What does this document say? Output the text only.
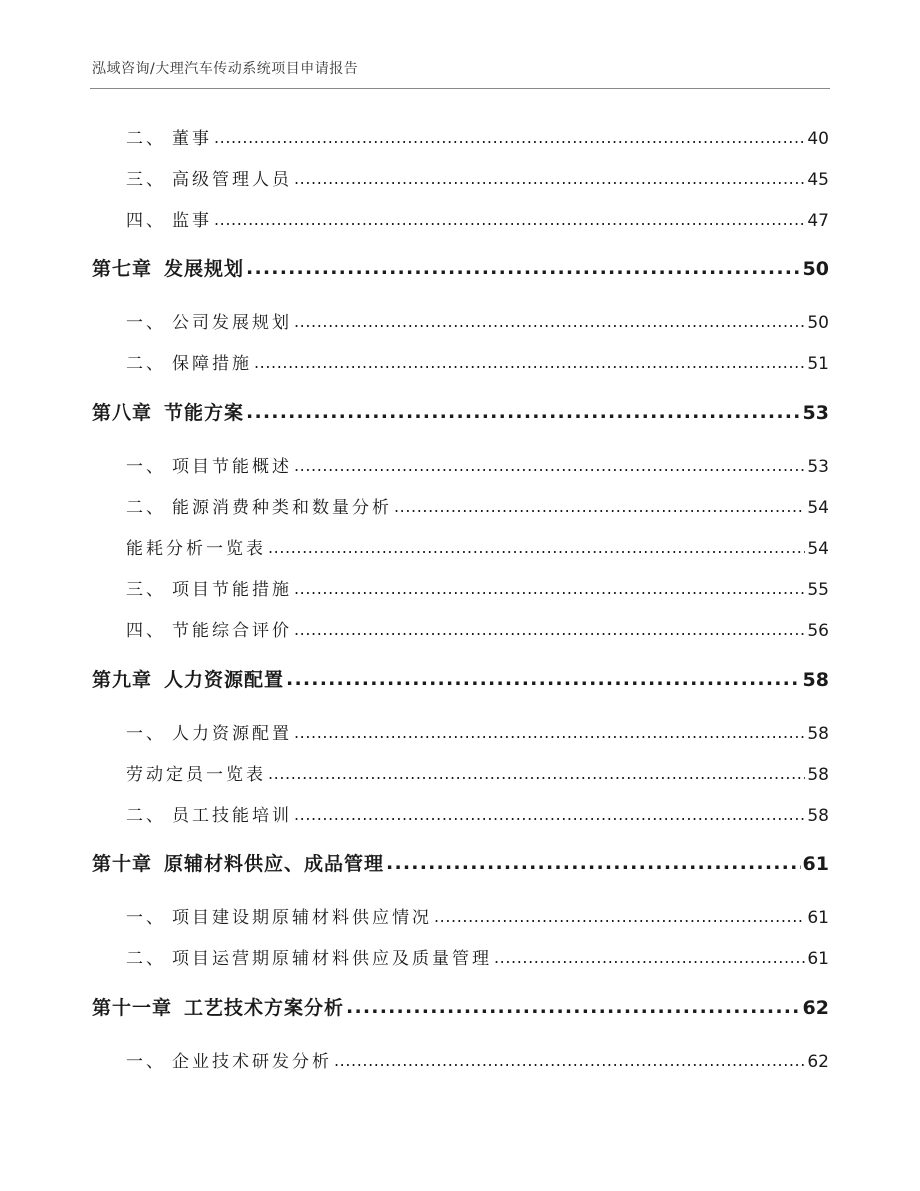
泓域咨询/大理汽车传动系统项目申请报告
二、 董事 .....	40
三、 高级管理人员 .....	45
四、 监事 .....	47
第七章 发展规划 .....	50
一、 公司发展规划 .....	50
二、 保障措施 .....	51
第八章 节能方案 .....	53
一、 项目节能概述 .....	53
二、 能源消费种类和数量分析 .....	54
能耗分析一览表 .....	54
三、 项目节能措施 .....	55
四、 节能综合评价 .....	56
第九章 人力资源配置 .....	58
一、 人力资源配置 .....	58
劳动定员一览表 .....	58
二、 员工技能培训 .....	58
第十章 原辅材料供应、成品管理 .....	61
一、 项目建设期原辅材料供应情况 .....	61
二、 项目运营期原辅材料供应及质量管理 .....	61
第十一章 工艺技术方案分析 .....	62
一、 企业技术研发分析 .....	62
